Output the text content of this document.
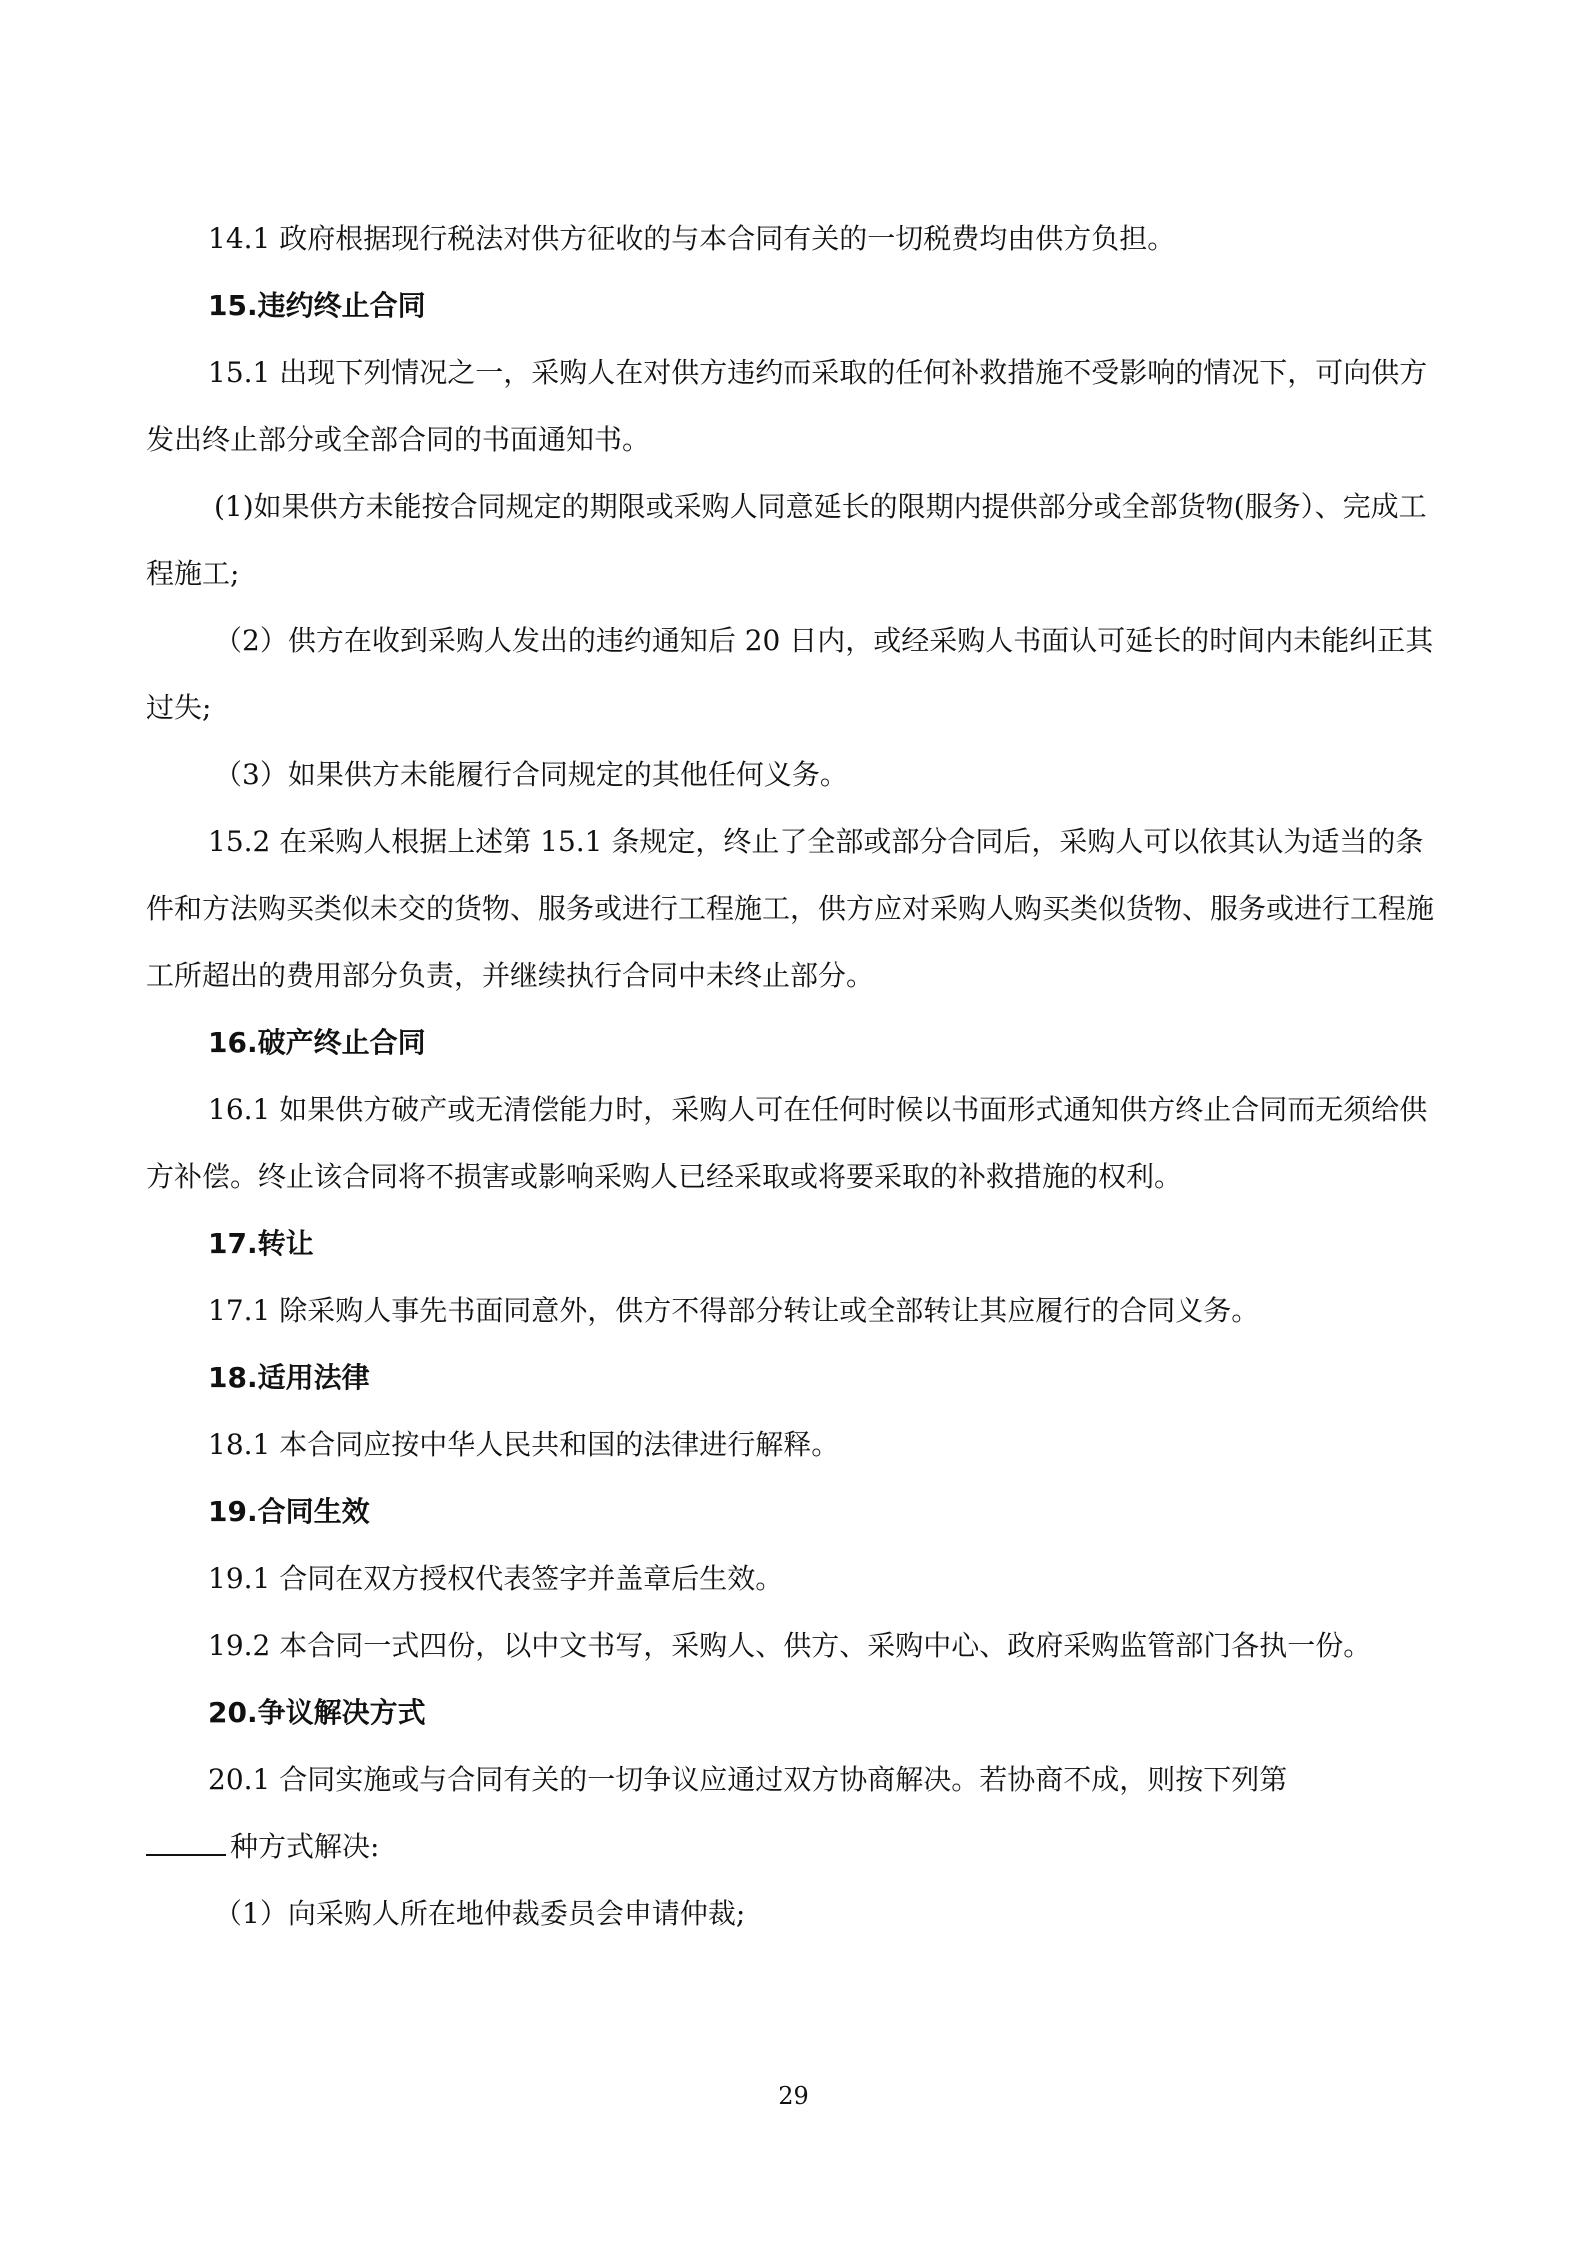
14.1 政府根据现行税法对供方征收的与本合同有关的一切税费均由供方负担。

15.违约终止合同

15.1 出现下列情况之一，采购人在对供方违约而采取的任何补救措施不受影响的情况下，可向供方发出终止部分或全部合同的书面通知书。

(1)如果供方未能按合同规定的期限或采购人同意延长的限期内提供部分或全部货物(服务）、完成工程施工;

（2）供方在收到采购人发出的违约通知后 20 日内，或经采购人书面认可延长的时间内未能纠正其过失;

（3）如果供方未能履行合同规定的其他任何义务。

15.2 在采购人根据上述第 15.1 条规定，终止了全部或部分合同后，采购人可以依其认为适当的条件和方法购买类似未交的货物、服务或进行工程施工，供方应对采购人购买类似货物、服务或进行工程施工所超出的费用部分负责，并继续执行合同中未终止部分。

16.破产终止合同

16.1 如果供方破产或无清偿能力时，采购人可在任何时候以书面形式通知供方终止合同而无须给供方补偿。终止该合同将不损害或影响采购人已经采取或将要采取的补救措施的权利。

17.转让

17.1 除采购人事先书面同意外，供方不得部分转让或全部转让其应履行的合同义务。

18.适用法律

18.1 本合同应按中华人民共和国的法律进行解释。

19.合同生效

19.1 合同在双方授权代表签字并盖章后生效。

19.2 本合同一式四份，以中文书写，采购人、供方、采购中心、政府采购监管部门各执一份。

20.争议解决方式

20.1 合同实施或与合同有关的一切争议应通过双方协商解决。若协商不成，则按下列第

种方式解决:

（1）向采购人所在地仲裁委员会申请仲裁;

29
